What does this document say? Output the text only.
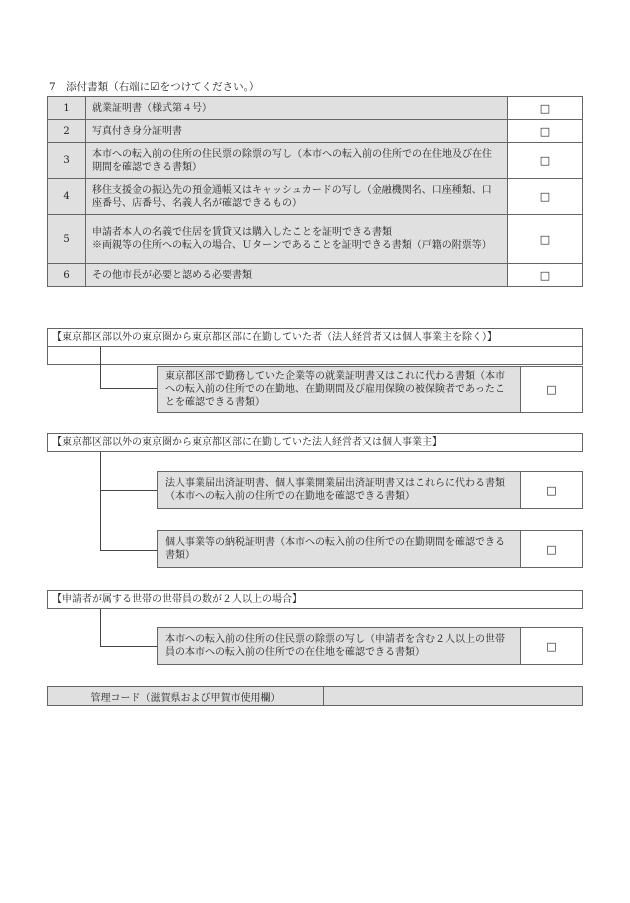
7　添付書類（右端に☑をつけてください。）
1	就業証明書（様式第４号）	□
2	写真付き身分証明書	□
3	本市への転入前の住所の住民票の除票の写し（本市への転入前の住所での在住地及び在住期間を確認できる書類）	□
4	移住支援金の振込先の預金通帳又はキャッシュカードの写し（金融機関名、口座種類、口座番号、店番号、名義人名が確認できるもの）	□
5	申請者本人の名義で住居を賃貸又は購入したことを証明できる書類
※両親等の住所への転入の場合、Ｕターンであることを証明できる書類（戸籍の附票等）	□
6	その他市長が必要と認める必要書類	□
【東京都区部以外の東京圏から東京都区部に在勤していた者（法人経営者又は個人事業主を除く）】
東京都区部で勤務していた企業等の就業証明書又はこれに代わる書類（本市への転入前の住所での在勤地、在勤期間及び雇用保険の被保険者であったことを確認できる書類）
□
【東京都区部以外の東京圏から東京都区部に在勤していた法人経営者又は個人事業主】
法人事業届出済証明書、個人事業開業届出済証明書又はこれらに代わる書類（本市への転入前の住所での在勤地を確認できる書類）	□
個人事業等の納税証明書（本市への転入前の住所での在勤期間を確認できる書類）	□
【申請者が属する世帯の世帯員の数が２人以上の場合】
本市への転入前の住所の住民票の除票の写し（申請者を含む２人以上の世帯員の本市への転入前の住所での在住地を確認できる書類）	□
管理コード（滋賀県および甲賀市使用欄）
